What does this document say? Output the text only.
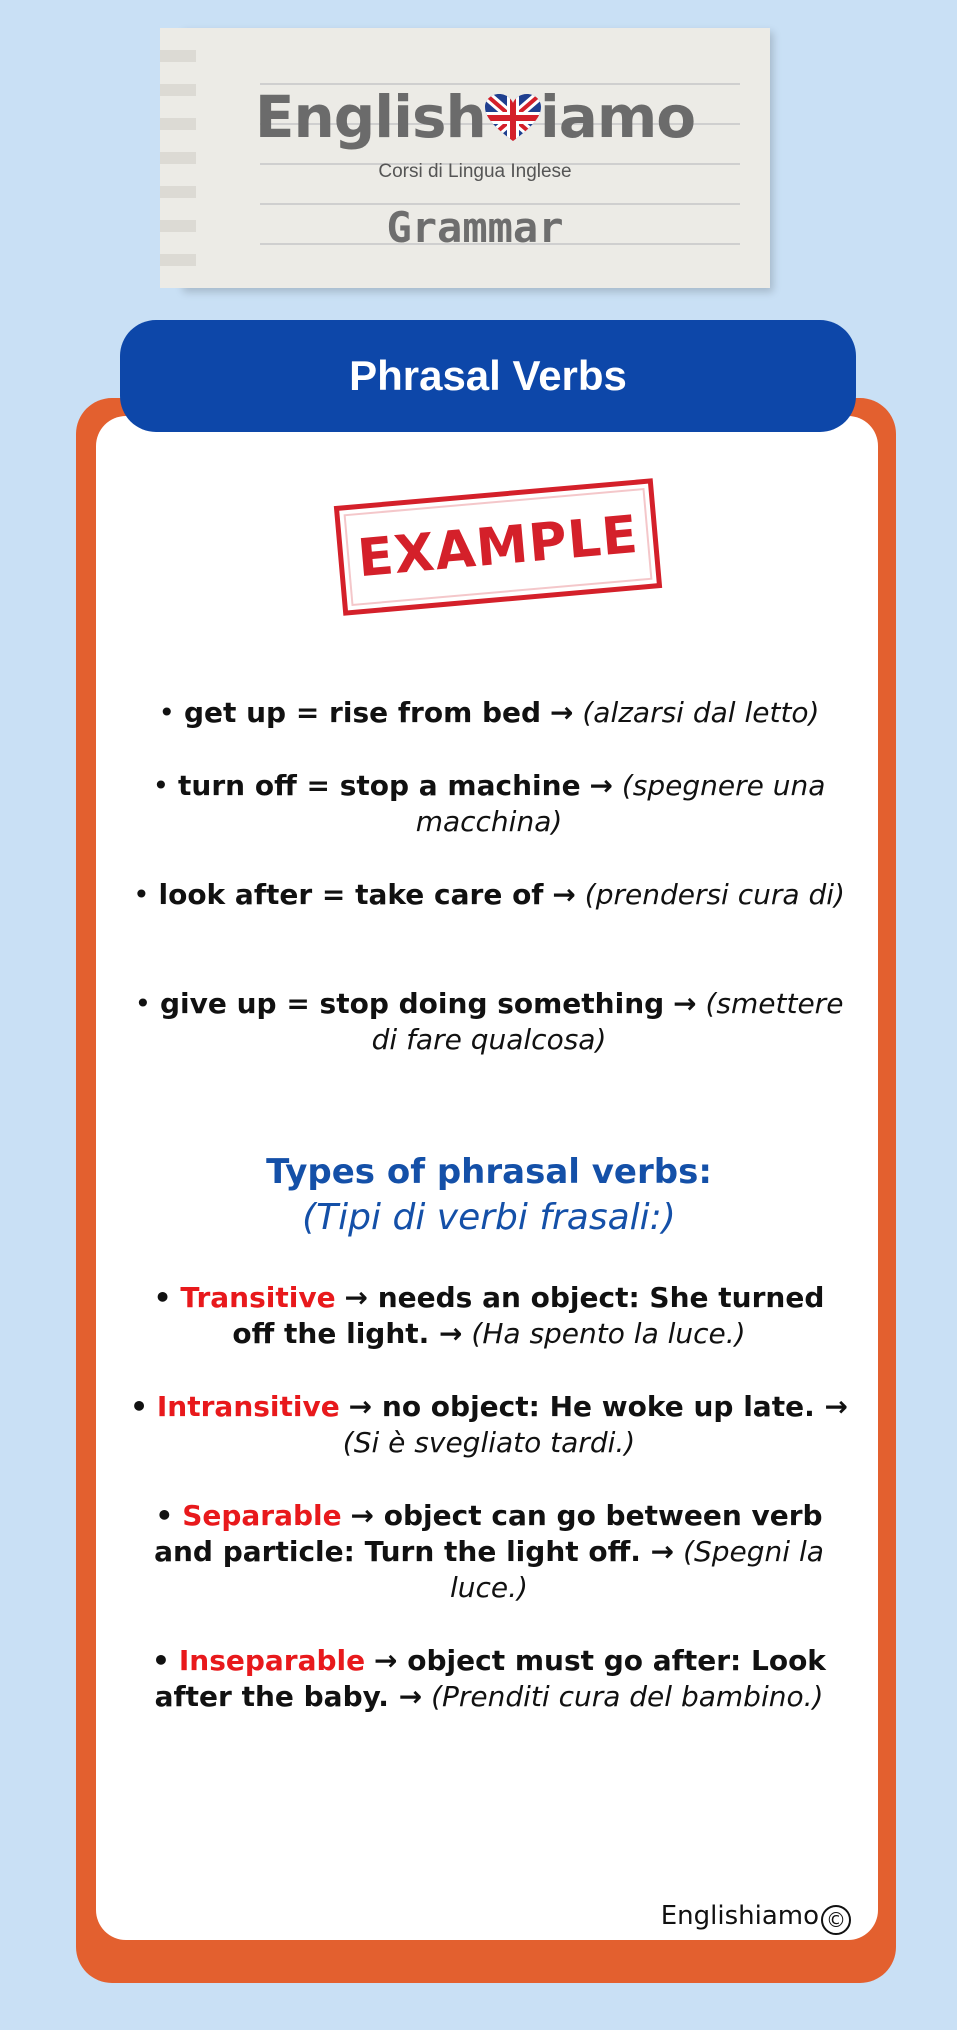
English iamo
Corsi di Lingua Inglese
Grammar
Phrasal Verbs
EXAMPLE
• get up = rise from bed → (alzarsi dal letto)
• turn off = stop a machine → (spegnere una macchina)
• look after = take care of → (prendersi cura di)
• give up = stop doing something → (smettere di fare qualcosa)
Types of phrasal verbs:
(Tipi di verbi frasali:)
• Transitive → needs an object: She turned off the light. → (Ha spento la luce.)
• Intransitive → no object: He woke up late. → (Si è svegliato tardi.)
• Separable → object can go between verb and particle: Turn the light off. → (Spegni la luce.)
• Inseparable → object must go after: Look after the baby. → (Prenditi cura del bambino.)
Englishiamo ©
